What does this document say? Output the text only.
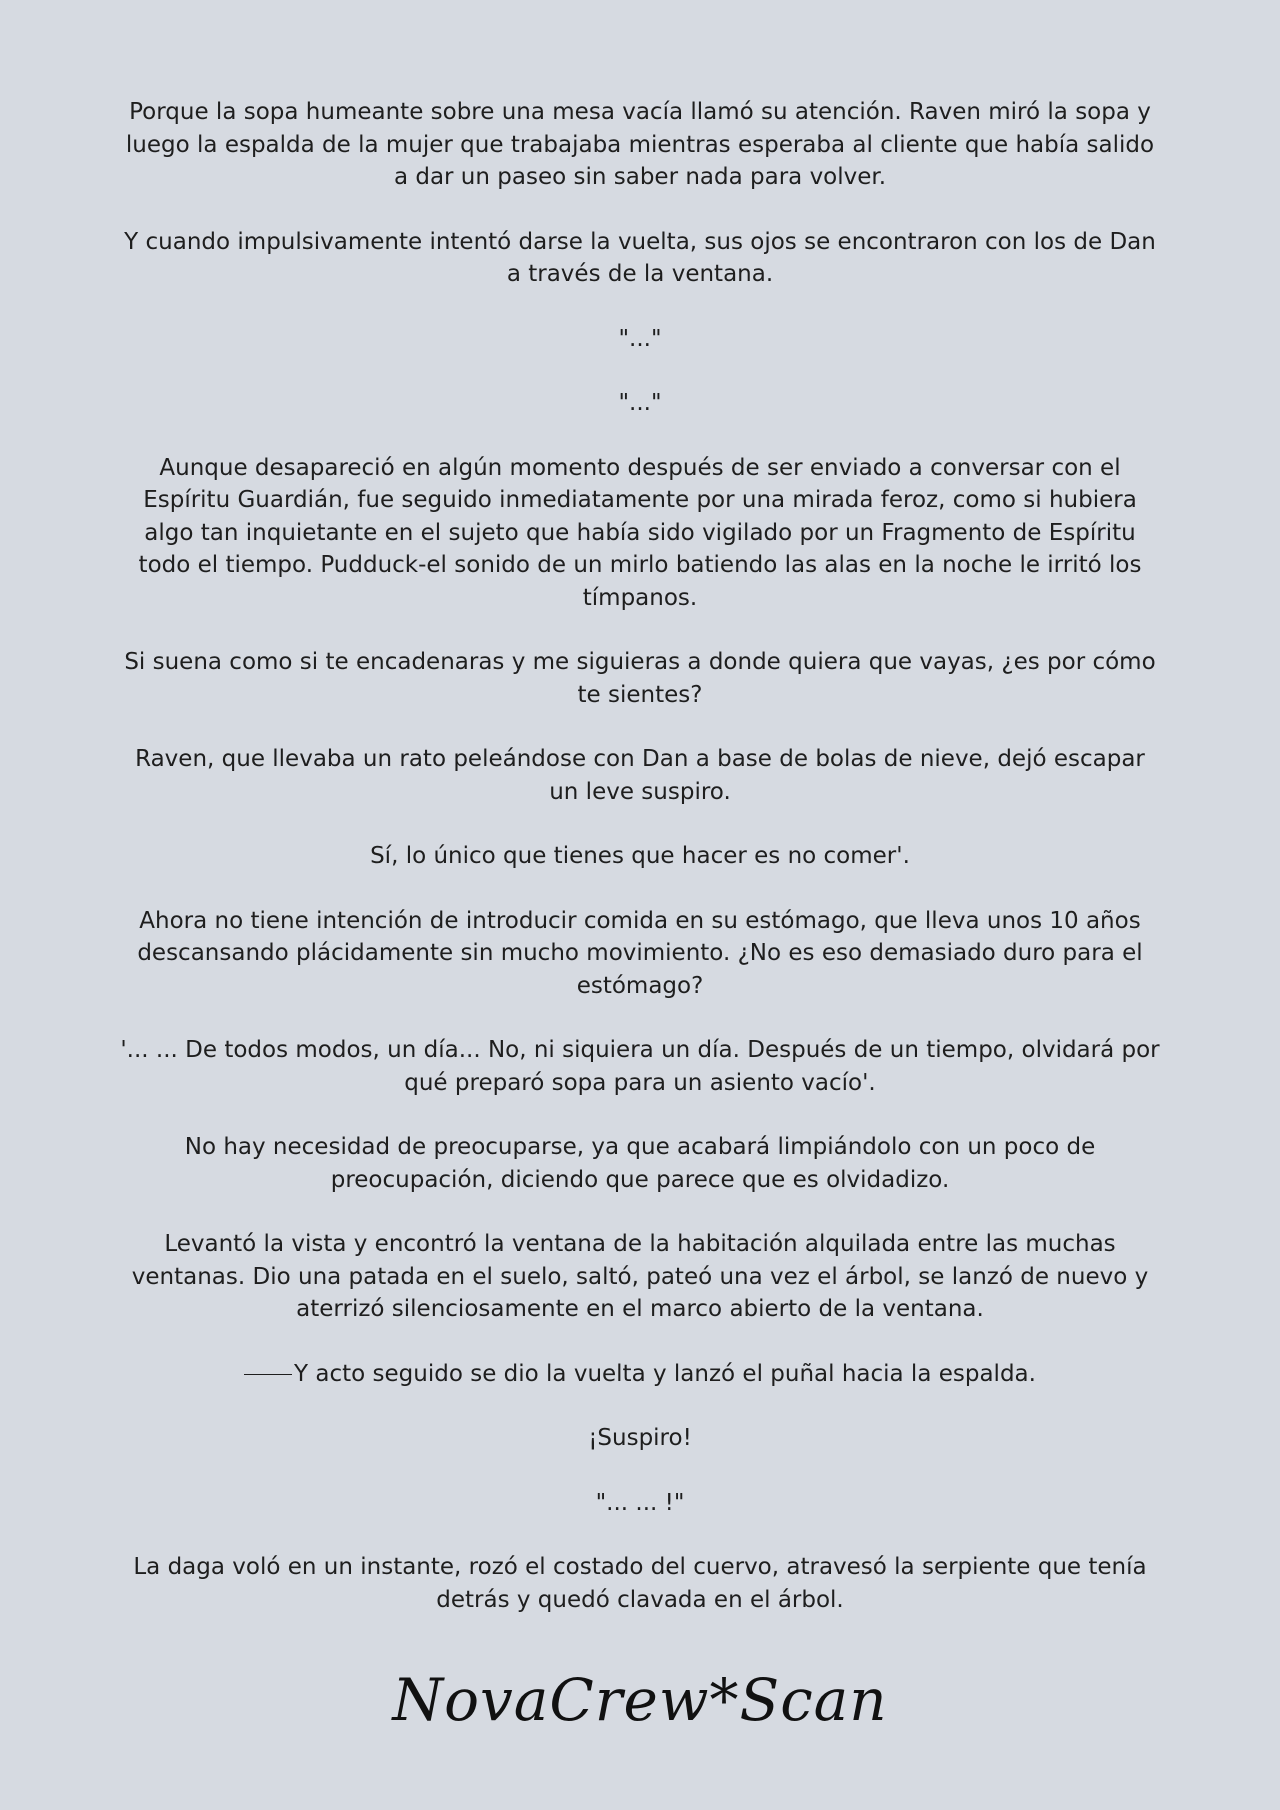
Porque la sopa humeante sobre una mesa vacía llamó su atención. Raven miró la sopa y luego la espalda de la mujer que trabajaba mientras esperaba al cliente que había salido a dar un paseo sin saber nada para volver.

Y cuando impulsivamente intentó darse la vuelta, sus ojos se encontraron con los de Dan a través de la ventana.

"..."

"..."

Aunque desapareció en algún momento después de ser enviado a conversar con el Espíritu Guardián, fue seguido inmediatamente por una mirada feroz, como si hubiera algo tan inquietante en el sujeto que había sido vigilado por un Fragmento de Espíritu todo el tiempo. Pudduck-el sonido de un mirlo batiendo las alas en la noche le irritó los tímpanos.

Si suena como si te encadenaras y me siguieras a donde quiera que vayas, ¿es por cómo te sientes?

Raven, que llevaba un rato peleándose con Dan a base de bolas de nieve, dejó escapar un leve suspiro.

Sí, lo único que tienes que hacer es no comer'.

Ahora no tiene intención de introducir comida en su estómago, que lleva unos 10 años descansando plácidamente sin mucho movimiento. ¿No es eso demasiado duro para el estómago?

'... ... De todos modos, un día... No, ni siquiera un día. Después de un tiempo, olvidará por qué preparó sopa para un asiento vacío'.

No hay necesidad de preocuparse, ya que acabará limpiándolo con un poco de preocupación, diciendo que parece que es olvidadizo.

Levantó la vista y encontró la ventana de la habitación alquilada entre las muchas ventanas. Dio una patada en el suelo, saltó, pateó una vez el árbol, se lanzó de nuevo y aterrizó silenciosamente en el marco abierto de la ventana.

Y acto seguido se dio la vuelta y lanzó el puñal hacia la espalda.

¡Suspiro!

"... ... !"

La daga voló en un instante, rozó el costado del cuervo, atravesó la serpiente que tenía detrás y quedó clavada en el árbol.

NovaCrew*Scan
